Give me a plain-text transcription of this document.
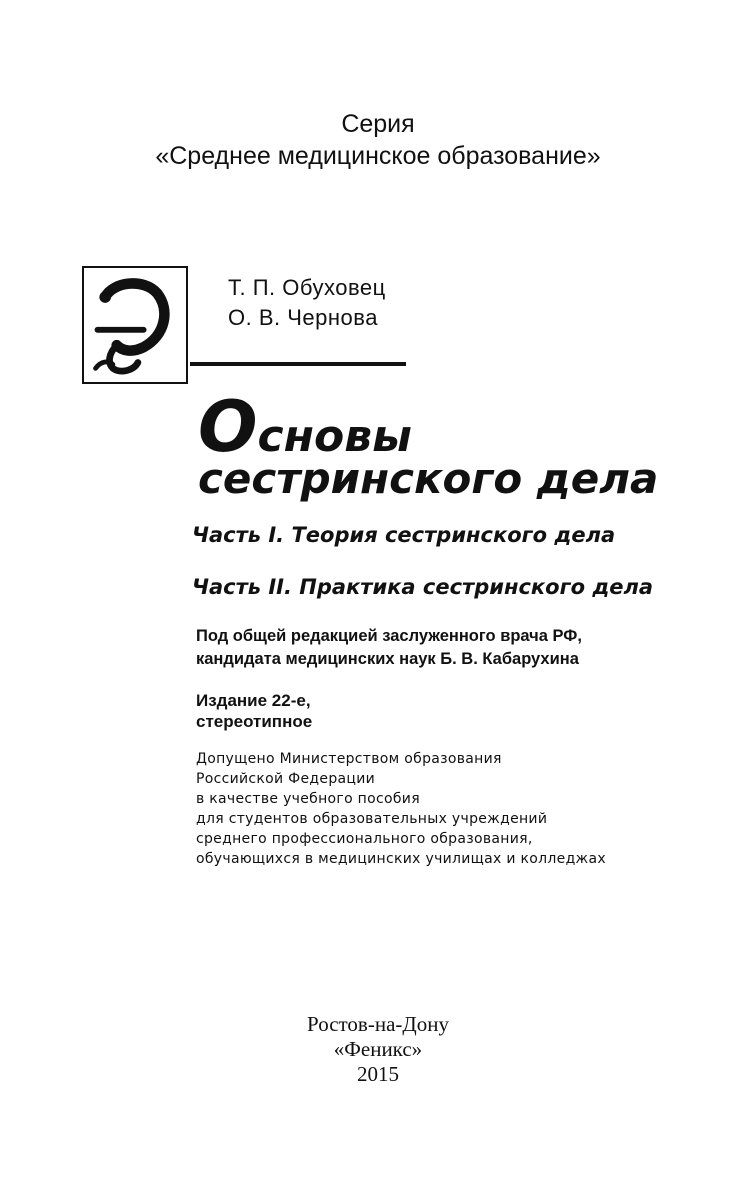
Серия
«Среднее медицинское образование»
Т. П. Обуховец
О. В. Чернова
Основы
сестринского дела
Часть I. Теория сестринского дела
Часть II. Практика сестринского дела
Под общей редакцией заслуженного врача РФ,
кандидата медицинских наук Б. В. Кабарухина
Издание 22-е,
стереотипное
Допущено Министерством образования
Российской Федерации
в качестве учебного пособия
для студентов образовательных учреждений
среднего профессионального образования,
обучающихся в медицинских училищах и колледжах
Ростов-на-Дону
«Феникс»
2015
